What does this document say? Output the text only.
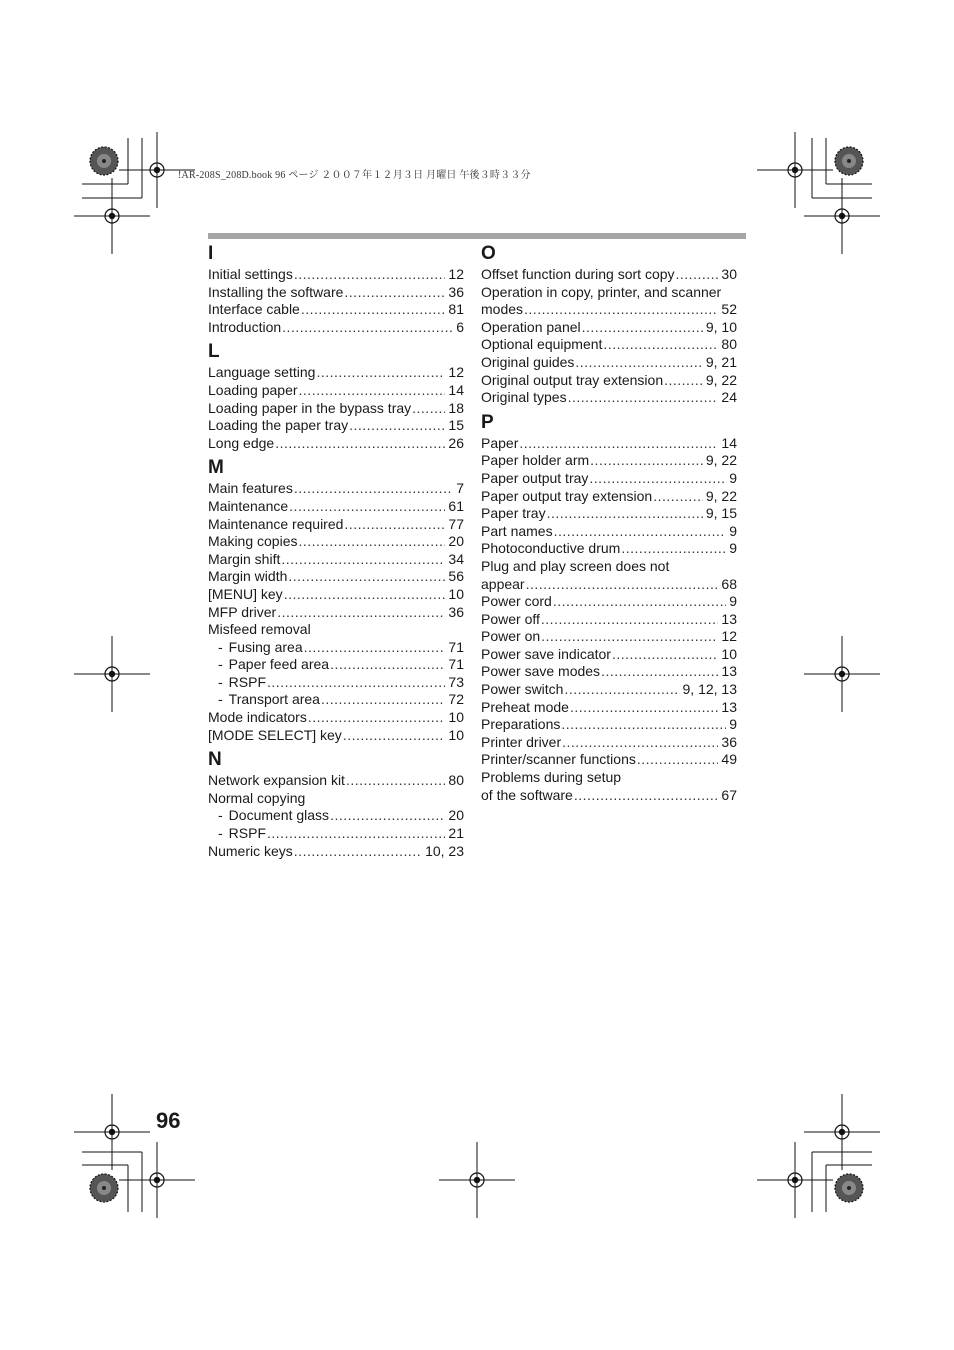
!AR-208S_208D.book 96 ページ ２００７年１２月３日 月曜日 午後３時３３分
I
Initial settings .....	12
Installing the software .....	36
Interface cable .....	81
Introduction .....	6
L
Language setting .....	12
Loading paper .....	14
Loading paper in the bypass tray .....	18
Loading the paper tray .....	15
Long edge .....	26
M
Main features .....	7
Maintenance .....	61
Maintenance required .....	77
Making copies .....	20
Margin shift .....	34
Margin width .....	56
[MENU] key .....	10
MFP driver .....	36
Misfeed removal
- Fusing area .....	71
- Paper feed area .....	71
- RSPF .....	73
- Transport area .....	72
Mode indicators .....	10
[MODE SELECT] key .....	10
N
Network expansion kit .....	80
Normal copying
- Document glass .....	20
- RSPF .....	21
Numeric keys .....	10, 23
O
Offset function during sort copy .....	30
Operation in copy, printer, and scanner
modes .....	52
Operation panel .....	9, 10
Optional equipment .....	80
Original guides .....	9, 21
Original output tray extension .....	9, 22
Original types .....	24
P
Paper .....	14
Paper holder arm .....	9, 22
Paper output tray .....	9
Paper output tray extension .....	9, 22
Paper tray .....	9, 15
Part names .....	9
Photoconductive drum .....	9
Plug and play screen does not
appear .....	68
Power cord .....	9
Power off .....	13
Power on .....	12
Power save indicator .....	10
Power save modes .....	13
Power switch .....	9, 12, 13
Preheat mode .....	13
Preparations .....	9
Printer driver .....	36
Printer/scanner functions .....	49
Problems during setup
of the software .....	67
96
